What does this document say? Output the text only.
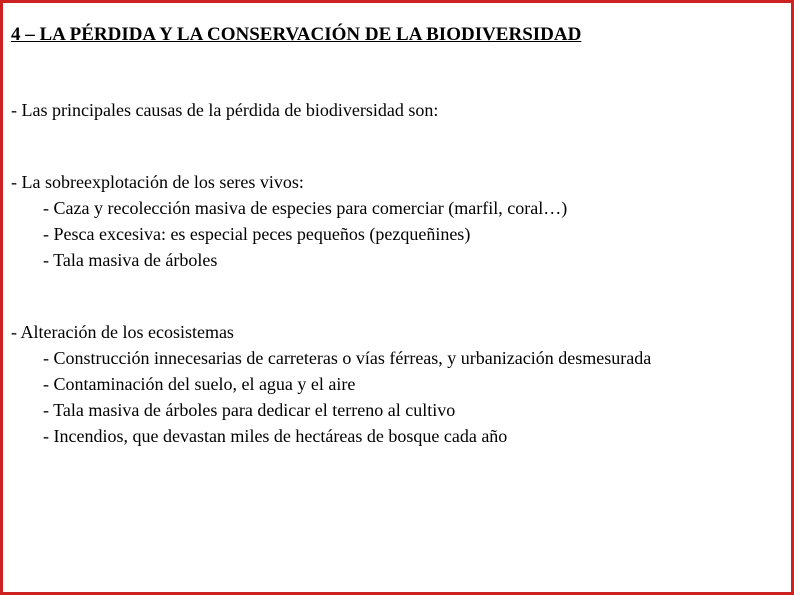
4 – LA PÉRDIDA Y LA CONSERVACIÓN DE LA BIODIVERSIDAD

- Las principales causas de la pérdida de biodiversidad son:

- La sobreexplotación de los seres vivos:

- Caza y recolección masiva de especies para comerciar (marfil, coral…)

- Pesca excesiva: es especial peces pequeños (pezqueñines)

- Tala masiva de árboles

- Alteración de los ecosistemas

- Construcción innecesarias de carreteras o vías férreas, y urbanización desmesurada

- Contaminación del suelo, el agua y el aire

- Tala masiva de árboles para dedicar el terreno al cultivo

- Incendios, que devastan miles de hectáreas de bosque cada año
